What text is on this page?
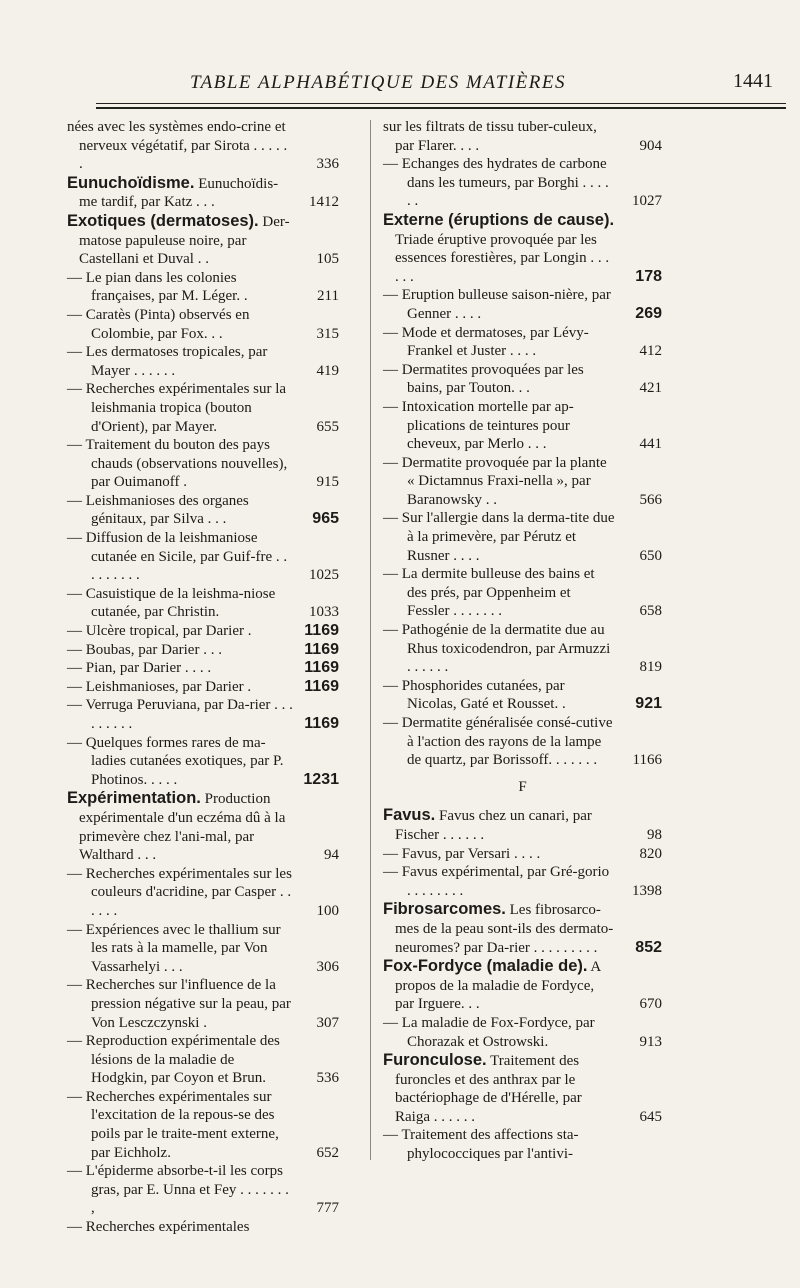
TABLE ALPHABÉTIQUE DES MATIÈRES	1441

nées avec les systèmes endo-crine et nerveux végétatif, par Sirota . . . . . .	336

Eunuchoïdisme. Eunuchoïdis-me tardif, par Katz . . .	1412

Exotiques (dermatoses). Der-matose papuleuse noire, par Castellani et Duval . .	105

— Le pian dans les colonies françaises, par M. Léger. .	211

— Caratès (Pinta) observés en Colombie, par Fox. . .	315

— Les dermatoses tropicales, par Mayer . . . . . .	419

— Recherches expérimentales sur la leishmania tropica (bouton d'Orient), par Mayer.	655

— Traitement du bouton des pays chauds (observations nouvelles), par Ouimanoff .	915

— Leishmanioses des organes génitaux, par Silva . . .	965

— Diffusion de la leishmaniose cutanée en Sicile, par Guif-fre . . . . . . . . .	1025

— Casuistique de la leishma-niose cutanée, par Christin.	1033

— Ulcère tropical, par Darier .	1169

— Boubas, par Darier . . .	1169

— Pian, par Darier . . . .	1169

— Leishmanioses, par Darier .	1169

— Verruga Peruviana, par Da-rier . . . . . . . . .	1169

— Quelques formes rares de ma-ladies cutanées exotiques, par P. Photinos. . . . .	1231

Expérimentation. Production expérimentale d'un eczéma dû à la primevère chez l'ani-mal, par Walthard . . .	94

— Recherches expérimentales sur les couleurs d'acridine, par Casper . . . . . .	100

— Expériences avec le thallium sur les rats à la mamelle, par Von Vassarhelyi . . .	306

— Recherches sur l'influence de la pression négative sur la peau, par Von Lesczczynski .	307

— Reproduction expérimentale des lésions de la maladie de Hodgkin, par Coyon et Brun.	536

— Recherches expérimentales sur l'excitation de la repous-se des poils par le traite-ment externe, par Eichholz.	652

— L'épiderme absorbe-t-il les corps gras, par E. Unna et Fey . . . . . . . ,	777

— Recherches expérimentales

sur les filtrats de tissu tuber-culeux, par Flarer. . . .	904

— Echanges des hydrates de carbone dans les tumeurs, par Borghi . . . . . .	1027

Externe (éruptions de cause). Triade éruptive provoquée par les essences forestières, par Longin . . . . . .	178

— Eruption bulleuse saison-nière, par Genner . . . .	269

— Mode et dermatoses, par Lévy-Frankel et Juster . . . .	412

— Dermatites provoquées par les bains, par Touton. . .	421

— Intoxication mortelle par ap-plications de teintures pour cheveux, par Merlo . . .	441

— Dermatite provoquée par la plante « Dictamnus Fraxi-nella », par Baranowsky . .	566

— Sur l'allergie dans la derma-tite due à la primevère, par Pérutz et Rusner . . . .	650

— La dermite bulleuse des bains et des prés, par Oppenheim et Fessler . . . . . . .	658

— Pathogénie de la dermatite due au Rhus toxicodendron, par Armuzzi . . . . . .	819

— Phosphorides cutanées, par Nicolas, Gaté et Rousset. .	921

— Dermatite généralisée consé-cutive à l'action des rayons de la lampe de quartz, par Borissoff. . . . . . . 1166

F

Favus. Favus chez un canari, par Fischer . . . . . .	98

— Favus, par Versari . . . .	820

— Favus expérimental, par Gré-gorio . . . . . . . .	1398

Fibrosarcomes. Les fibrosarco-mes de la peau sont-ils des dermato-neuromes? par Da-rier . . . . . . . . . 852

Fox-Fordyce (maladie de). A propos de la maladie de Fordyce, par Irguere. . .	670

— La maladie de Fox-Fordyce, par Chorazak et Ostrowski.	913

Furonculose. Traitement des furoncles et des anthrax par le bactériophage de d'Hérelle, par Raiga . . . . . .	645

— Traitement des affections sta-phylococciques par l'antivi-
